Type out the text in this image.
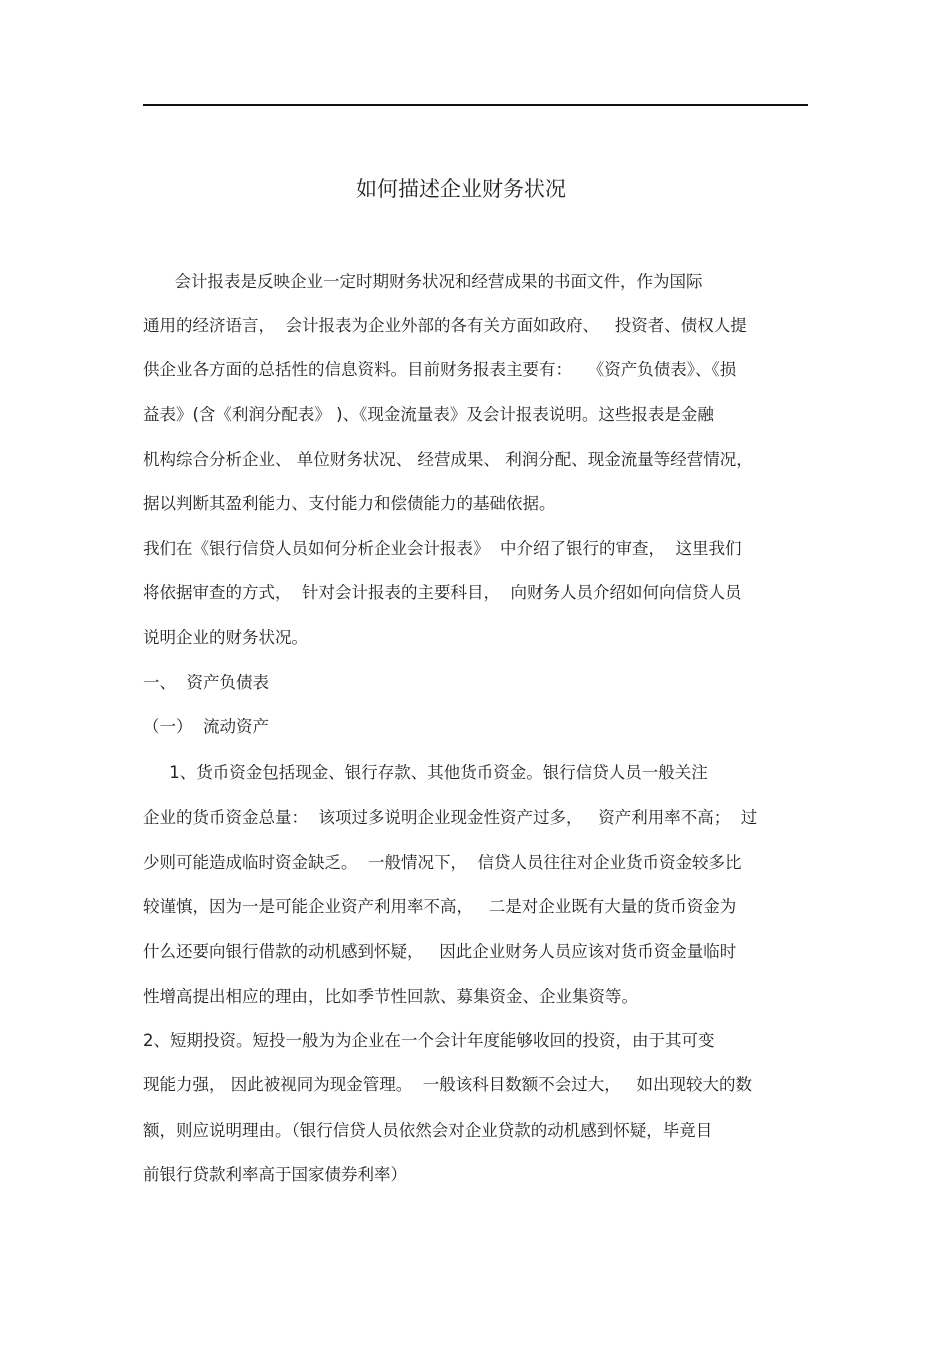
如何描述企业财务状况
会计报表是反映企业一定时期财务状况和经营成果的书面文件，作为国际
通用的经济语言，  会计报表为企业外部的各有关方面如政府、   投资者、债权人提
供企业各方面的总括性的信息资料。目前财务报表主要有：   《资产负债表》、《损
益表》(含《利润分配表》 )、《现金流量表》及会计报表说明。这些报表是金融
机构综合分析企业、 单位财务状况、 经营成果、 利润分配、现金流量等经营情况，
据以判断其盈利能力、支付能力和偿债能力的基础依据。
我们在《银行信贷人员如何分析企业会计报表》  中介绍了银行的审查，  这里我们
将依据审查的方式，  针对会计报表的主要科目，  向财务人员介绍如何向信贷人员
说明企业的财务状况。
一、  资产负债表
（一）  流动资产
1、货币资金包括现金、银行存款、其他货币资金。银行信贷人员一般关注
企业的货币资金总量：  该项过多说明企业现金性资产过多，   资产利用率不高；  过
少则可能造成临时资金缺乏。  一般情况下，  信贷人员往往对企业货币资金较多比
较谨慎，因为一是可能企业资产利用率不高，   二是对企业既有大量的货币资金为
什么还要向银行借款的动机感到怀疑，   因此企业财务人员应该对货币资金量临时
性增高提出相应的理由，比如季节性回款、募集资金、企业集资等。
2、短期投资。短投一般为为企业在一个会计年度能够收回的投资，由于其可变
现能力强， 因此被视同为现金管理。  一般该科目数额不会过大，   如出现较大的数
额，则应说明理由。（银行信贷人员依然会对企业贷款的动机感到怀疑，毕竟目
前银行贷款利率高于国家债券利率）
